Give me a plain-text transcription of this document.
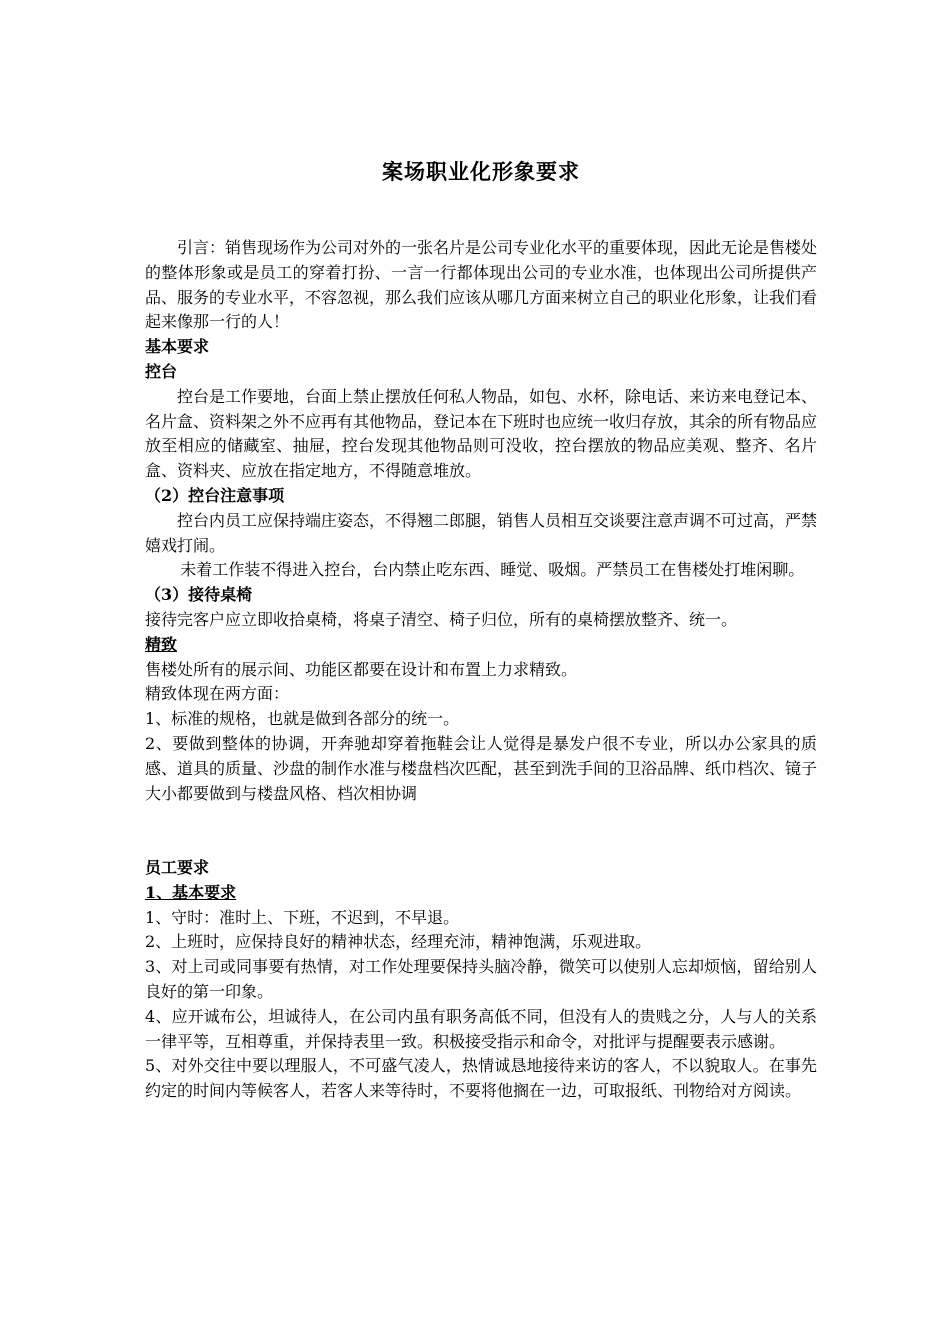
案场职业化形象要求

引言：销售现场作为公司对外的一张名片是公司专业化水平的重要体现，因此无论是售楼处的整体形象或是员工的穿着打扮、一言一行都体现出公司的专业水准，也体现出公司所提供产品、服务的专业水平，不容忽视，那么我们应该从哪几方面来树立自己的职业化形象，让我们看起来像那一行的人！

基本要求

控台

控台是工作要地，台面上禁止摆放任何私人物品，如包、水杯，除电话、来访来电登记本、名片盒、资料架之外不应再有其他物品，登记本在下班时也应统一收归存放，其余的所有物品应放至相应的储藏室、抽屉，控台发现其他物品则可没收，控台摆放的物品应美观、整齐、名片盒、资料夹、应放在指定地方，不得随意堆放。

（2）控台注意事项

控台内员工应保持端庄姿态，不得翘二郎腿，销售人员相互交谈要注意声调不可过高，严禁嬉戏打闹。

未着工作装不得进入控台，台内禁止吃东西、睡觉、吸烟。严禁员工在售楼处打堆闲聊。

（3）接待桌椅

接待完客户应立即收拾桌椅，将桌子清空、椅子归位，所有的桌椅摆放整齐、统一。

精致

售楼处所有的展示间、功能区都要在设计和布置上力求精致。

精致体现在两方面：

1、标准的规格，也就是做到各部分的统一。

2、要做到整体的协调，开奔驰却穿着拖鞋会让人觉得是暴发户很不专业，所以办公家具的质感、道具的质量、沙盘的制作水准与楼盘档次匹配，甚至到洗手间的卫浴品牌、纸巾档次、镜子大小都要做到与楼盘风格、档次相协调

员工要求

1、基本要求

1、守时：准时上、下班，不迟到，不早退。

2、上班时，应保持良好的精神状态，经理充沛，精神饱满，乐观进取。

3、对上司或同事要有热情，对工作处理要保持头脑冷静，微笑可以使别人忘却烦恼，留给别人良好的第一印象。

4、应开诚布公，坦诚待人，在公司内虽有职务高低不同，但没有人的贵贱之分，人与人的关系一律平等，互相尊重，并保持表里一致。积极接受指示和命令，对批评与提醒要表示感谢。

5、对外交往中要以理服人，不可盛气凌人，热情诚恳地接待来访的客人，不以貌取人。在事先约定的时间内等候客人，若客人来等待时，不要将他搁在一边，可取报纸、刊物给对方阅读。
